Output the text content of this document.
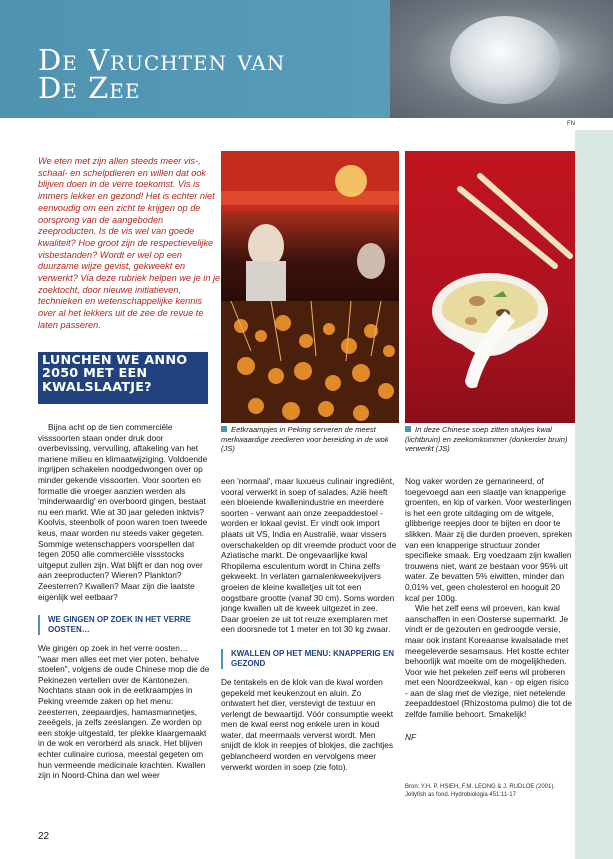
De Vruchten van
De Zee
FN
We eten met zijn allen steeds meer vis-, schaal- en schelpdieren en willen dat ook blijven doen in de verre toekomst. Vis is immers lekker en gezond! Het is echter niet eenvoudig om een zicht te krijgen op de oorsprong van de aangeboden zeeproducten. Is de vis wel van goede kwaliteit? Hoe groot zijn de respectievelijke visbestanden? Wordt er wel op een duurzame wijze gevist, gekweekt en verwerkt? Via deze rubriek helpen we je in je zoektocht, door nieuwe initiatieven, technieken en wetenschappelijke kennis over al het lekkers uit de zee de revue te laten passeren.
LUNCHEN WE ANNO 2050 MET EEN KWALSLAATJE?
Eetkraampjes in Peking serveren de meest merkwaardige zeedieren voor bereiding in de wok (JS)
In deze Chinese soep zitten stukjes kwal (lichtbruin) en zeekomkommer (donkerder bruin) verwerkt (JS)

Bijna acht op de tien commerciële visssoorten staan onder druk door overbevissing, vervuiling, aftakeling van het mariene milieu en klimaatwijziging. Voldoende ingrijpen schakelen noodgedwongen over op minder gekende vissoorten. Voor soorten en formatie die vroeger aanzien werden als 'minderwaardig' en overboord gingen, bestaat nu een markt. Wie at 30 jaar geleden inktvis? Koolvis, steenbolk of poon waren toen tweede keus, maar worden nu steeds vaker gegeten. Sommige wetenschappers voorspellen dat tegen 2050 alle commerciële vissstocks uitgeput zullen zijn. Wat blijft er dan nog over aan zeeproducten? Wieren? Plankton? Zeesterren? Kwallen? Maar zijn die laatste eigenlijk wel eetbaar?

WE GINGEN OP ZOEK IN HET VERRE OOSTEN…

We gingen op zoek in het verre oosten… "waar men alles eet met vier poten, behalve stoelen", volgens de oude Chinese mop die de Pekinezen vertellen over de Kantonezen. Nochtans staan ook in de eetkraampjes in Peking vreemde zaken op het menu: zeesterren, zeepaardjes, hamasmannetjes, zeeëgels, ja zelfs zeeslangen. Ze worden op een stokje uitgestald, ter plekke klaargemaakt in de wok en verorberd als snack. Het blijven echter culinaire curiosa, meestal gegeten om hun vermeende medicinale krachten. Kwallen zijn in Noord-China dan wel weer

een 'normaal', maar luxueus culinair ingrediënt, vooral verwerkt in soep of salades. Azië heeft een bloeiende kwallenindustrie en meerdere soorten - verwant aan onze zeepaddestoel - worden er lokaal gevist. Er vindt ook import plaats uit VS, India en Australië, waar vissers overschakelden op dit vreemde product voor de Aziatische markt. De ongevaarlijke kwal Rhopilema esculentum wordt in China zelfs gekweekt. In verlaten garnalenkweekvijvers groeien de kleine kwalletjes uit tot een oogstbare grootte (vanaf 30 cm). Soms worden jonge kwallen uit de kweek uitgezet in zee. Daar groeien ze uit tot reuze exemplaren met een doorsnede tot 1 meter en tot 30 kg zwaar.

KWALLEN OP HET MENU: KNAPPERIG EN GEZOND

De tentakels en de klok van de kwal worden gepekeld met keukenzout en aluin. Zo ontwatert het dier, verstevigt de textuur en verlengt de bewaartijd. Vóór consumptie weekt men de kwal eerst nog enkele uren in koud water, dat meermaals ververst wordt. Men snijdt de klok in reepjes of blokjes, die zachtjes geblancheerd worden en vervolgens meer verwerkt worden in soep (zie foto).

Nog vaker worden ze gemarineerd, of toegevoegd aan een slaatje van knapperige groenten, en kip of varken. Voor westerlingen is het een grote uitdaging om de witgele, glibberige reepjes door te bijten en door te slikken. Maar zij die durden proeven, spreken van een knapperige structuur zonder specifieke smaak. Erg voedzaam zijn kwallen trouwens niet, want ze bestaan voor 95% uit water. Ze bevatten 5% eiwitten, minder dan 0,01% vet, geen cholesterol en hooguit 20 kcal per 100g.

Wie het zelf eens wil proeven, kan kwal aanschaffen in een Oosterse supermarkt. Je vindt er de gezouten en gedroogde versie, maar ook instant Koreaanse kwalsalade met meegeleverde sesamsaus. Het kostte echter behoorlijk wat moeite om de mogelijkheden. Voor wie het pekelen zelf eens wil proberen met een Noordzeekwal, kan - op eigen risico - aan de slag met de vlezige, niet netelende zeepaddestoel (Rhizostoma pulmo) die tot de zelfde familie behoort. Smakelijk!

NF

Bron: Y.H. P. HSIEH, F.M. LEONG & J. RUDLOE (2001). Jellyfish as food. Hydrobiologia 451:11-17
22
